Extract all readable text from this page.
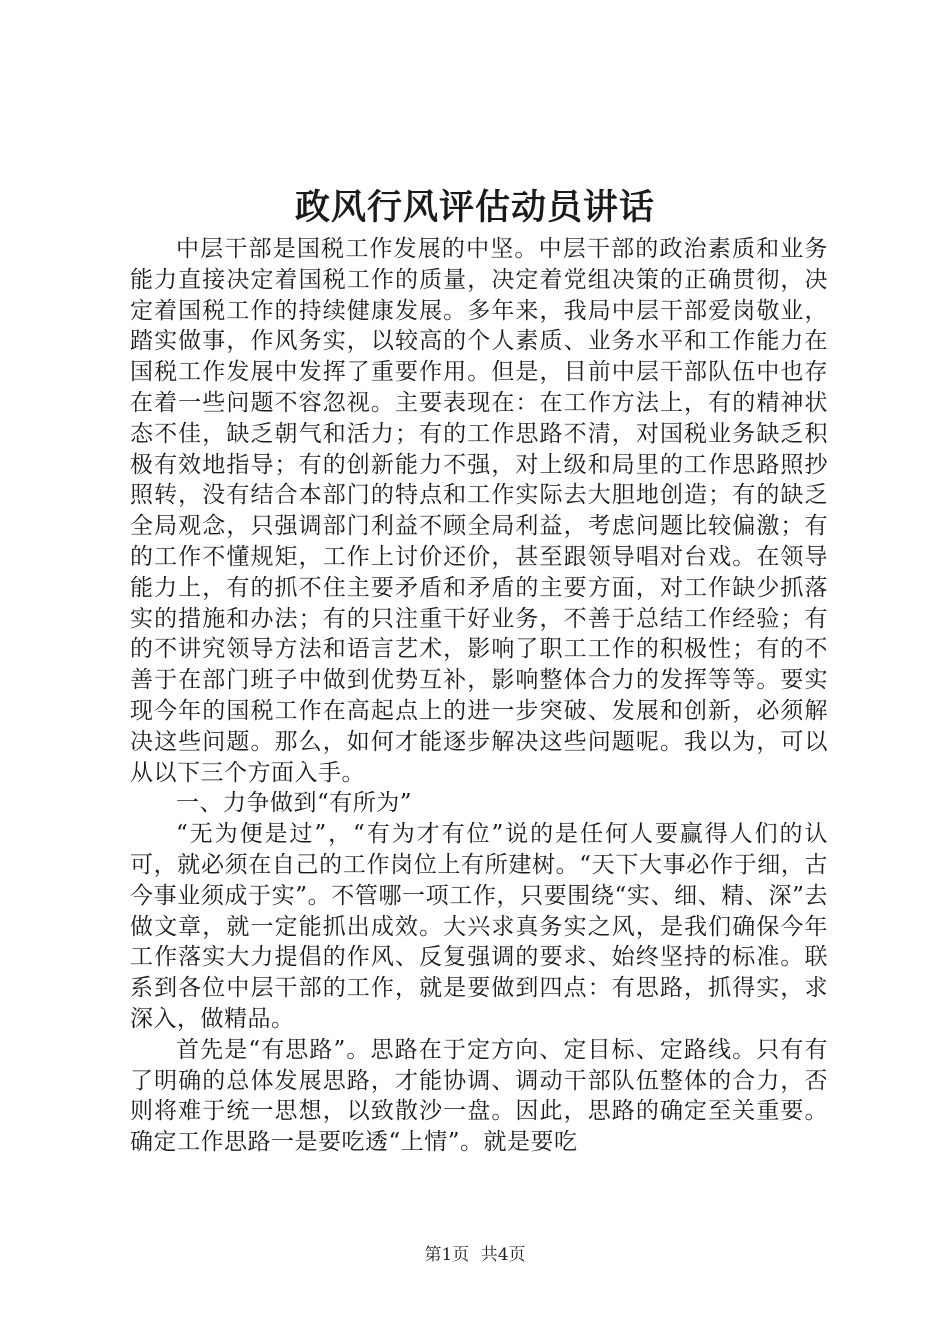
政风行风评估动员讲话

中层干部是国税工作发展的中坚。中层干部的政治素质和业务能力直接决定着国税工作的质量，决定着党组决策的正确贯彻，决定着国税工作的持续健康发展。多年来，我局中层干部爱岗敬业，踏实做事，作风务实，以较高的个人素质、业务水平和工作能力在国税工作发展中发挥了重要作用。但是，目前中层干部队伍中也存在着一些问题不容忽视。主要表现在：在工作方法上，有的精神状态不佳，缺乏朝气和活力；有的工作思路不清，对国税业务缺乏积极有效地指导；有的创新能力不强，对上级和局里的工作思路照抄照转，没有结合本部门的特点和工作实际去大胆地创造；有的缺乏全局观念，只强调部门利益不顾全局利益，考虑问题比较偏激；有的工作不懂规矩，工作上讨价还价，甚至跟领导唱对台戏。在领导能力上，有的抓不住主要矛盾和矛盾的主要方面，对工作缺少抓落实的措施和办法；有的只注重干好业务，不善于总结工作经验；有的不讲究领导方法和语言艺术，影响了职工工作的积极性；有的不善于在部门班子中做到优势互补，影响整体合力的发挥等等。要实现今年的国税工作在高起点上的进一步突破、发展和创新，必须解决这些问题。那么，如何才能逐步解决这些问题呢。我以为，可以从以下三个方面入手。

一、力争做到“有所为”

“无为便是过”，“有为才有位”说的是任何人要赢得人们的认可，就必须在自己的工作岗位上有所建树。“天下大事必作于细，古今事业须成于实”。不管哪一项工作，只要围绕“实、细、精、深”去做文章，就一定能抓出成效。大兴求真务实之风，是我们确保今年工作落实大力提倡的作风、反复强调的要求、始终坚持的标准。联系到各位中层干部的工作，就是要做到四点：有思路，抓得实，求深入，做精品。

首先是“有思路”。思路在于定方向、定目标、定路线。只有有了明确的总体发展思路，才能协调、调动干部队伍整体的合力，否则将难于统一思想，以致散沙一盘。因此，思路的确定至关重要。确定工作思路一是要吃透“上情”。就是要吃

第1页 共4页
